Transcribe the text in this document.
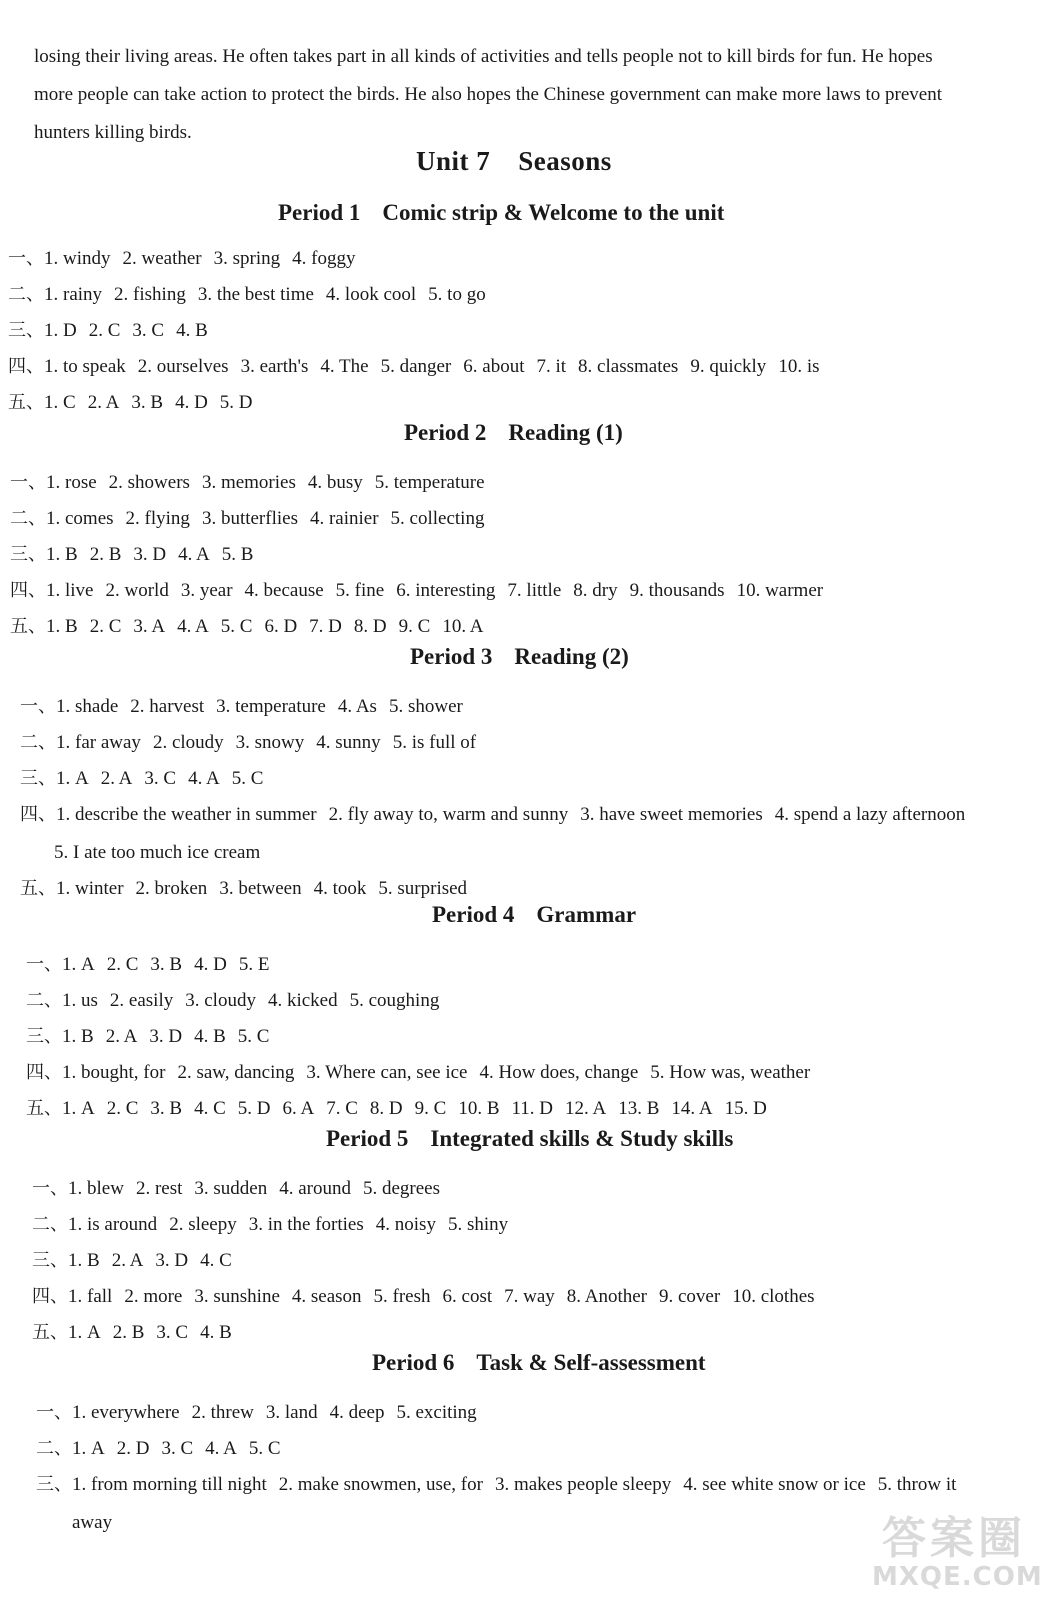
losing their living areas. He often takes part in all kinds of activities and tells people not to kill birds for fun. He hopes
more people can take action to protect the birds. He also hopes the Chinese government can make more laws to prevent
hunters killing birds.
Unit 7 Seasons
Period 1 Comic strip & Welcome to the unit
一、1. windy 2. weather 3. spring 4. foggy
二、1. rainy 2. fishing 3. the best time 4. look cool 5. to go
三、1. D 2. C 3. C 4. B
四、1. to speak 2. ourselves 3. earth's 4. The 5. danger 6. about 7. it 8. classmates 9. quickly 10. is
五、1. C 2. A 3. B 4. D 5. D
Period 2 Reading (1)
一、1. rose 2. showers 3. memories 4. busy 5. temperature
二、1. comes 2. flying 3. butterflies 4. rainier 5. collecting
三、1. B 2. B 3. D 4. A 5. B
四、1. live 2. world 3. year 4. because 5. fine 6. interesting 7. little 8. dry 9. thousands 10. warmer
五、1. B 2. C 3. A 4. A 5. C 6. D 7. D 8. D 9. C 10. A
Period 3 Reading (2)
一、1. shade 2. harvest 3. temperature 4. As 5. shower
二、1. far away 2. cloudy 3. snowy 4. sunny 5. is full of
三、1. A 2. A 3. C 4. A 5. C
四、1. describe the weather in summer 2. fly away to, warm and sunny 3. have sweet memories 4. spend a lazy afternoon
5. I ate too much ice cream
五、1. winter 2. broken 3. between 4. took 5. surprised
Period 4 Grammar
一、1. A 2. C 3. B 4. D 5. E
二、1. us 2. easily 3. cloudy 4. kicked 5. coughing
三、1. B 2. A 3. D 4. B 5. C
四、1. bought, for 2. saw, dancing 3. Where can, see ice 4. How does, change 5. How was, weather
五、1. A 2. C 3. B 4. C 5. D 6. A 7. C 8. D 9. C 10. B 11. D 12. A 13. B 14. A 15. D
Period 5 Integrated skills & Study skills
一、1. blew 2. rest 3. sudden 4. around 5. degrees
二、1. is around 2. sleepy 3. in the forties 4. noisy 5. shiny
三、1. B 2. A 3. D 4. C
四、1. fall 2. more 3. sunshine 4. season 5. fresh 6. cost 7. way 8. Another 9. cover 10. clothes
五、1. A 2. B 3. C 4. B
Period 6 Task & Self-assessment
一、1. everywhere 2. threw 3. land 4. deep 5. exciting
二、1. A 2. D 3. C 4. A 5. C
三、1. from morning till night 2. make snowmen, use, for 3. makes people sleepy 4. see white snow or ice 5. throw it
away	答案圈
MXQE.COM
